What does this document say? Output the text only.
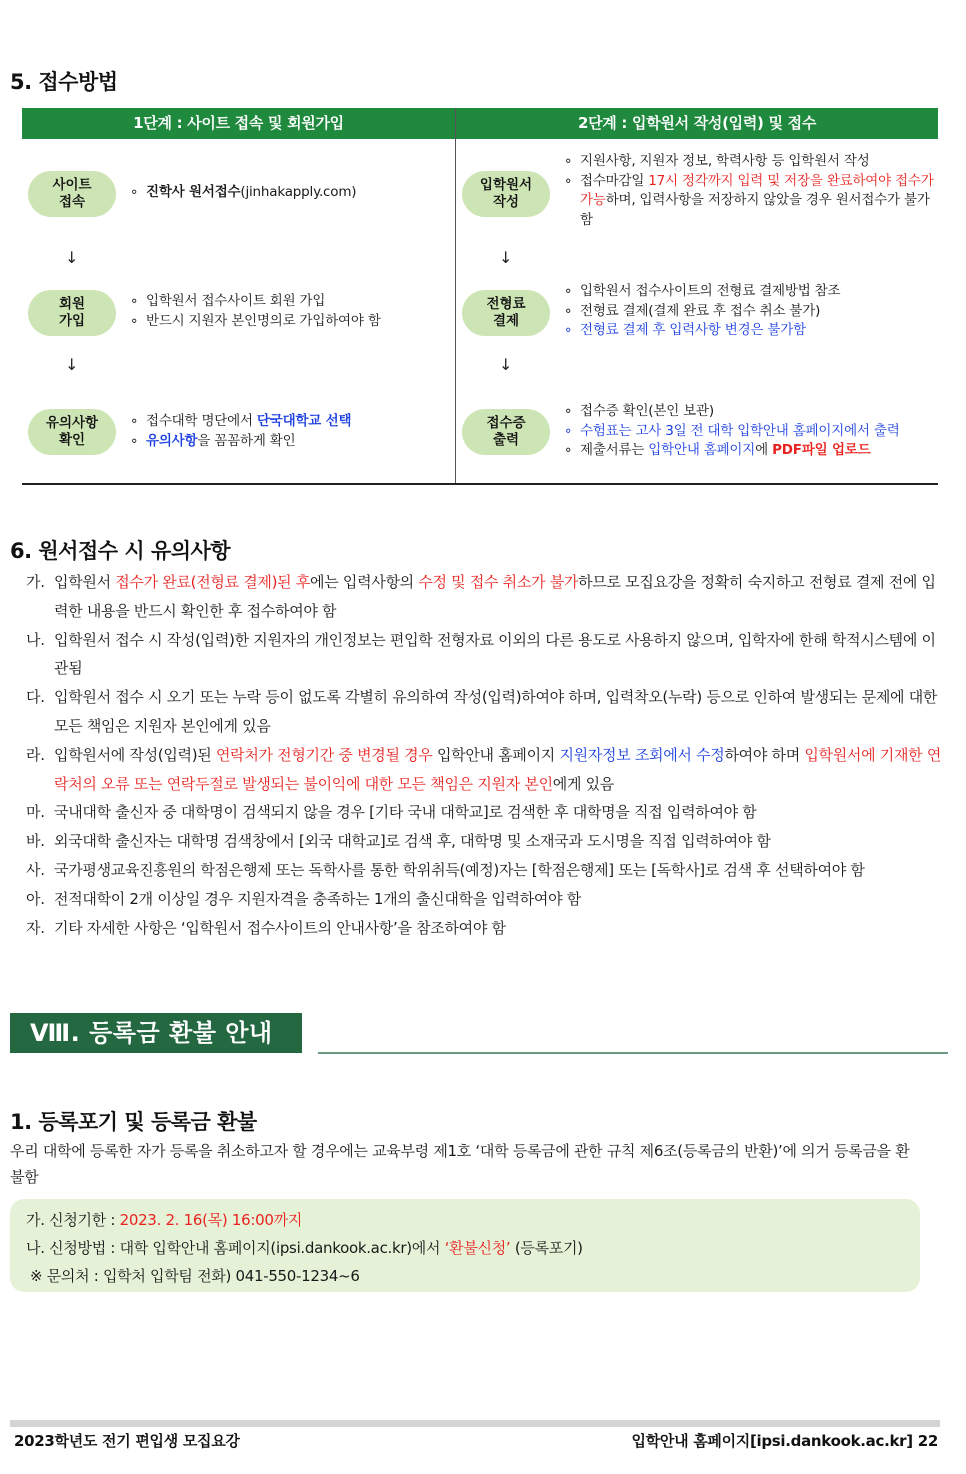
5. 접수방법
1단계 : 사이트 접속 및 회원가입	2단계 : 입학원서 작성(입력) 및 접수
사이트
접속
∘ 진학사 원서접수(jinhakapply.com)
↓
회원
가입
∘ 입학원서 접수사이트 회원 가입
∘ 반드시 지원자 본인명의로 가입하여야 함
↓
유의사항
확인
∘ 접수대학 명단에서 단국대학교 선택
∘ 유의사항을 꼼꼼하게 확인
입학원서
작성
∘ 지원사항, 지원자 정보, 학력사항 등 입학원서 작성
∘ 접수마감일 17시 정각까지 입력 및 저장을 완료하여야 접수가 가능하며, 입력사항을 저장하지 않았을 경우 원서접수가 불가함
↓
전형료
결제
∘ 입학원서 접수사이트의 전형료 결제방법 참조
∘ 전형료 결제(결제 완료 후 접수 취소 불가)
∘ 전형료 결제 후 입력사항 변경은 불가함
↓
접수증
출력
∘ 접수증 확인(본인 보관)
∘ 수험표는 고사 3일 전 대학 입학안내 홈페이지에서 출력
∘ 제출서류는 입학안내 홈페이지에 PDF파일 업로드
6. 원서접수 시 유의사항
가. 입학원서 접수가 완료(전형료 결제)된 후에는 입력사항의 수정 및 접수 취소가 불가하므로 모집요강을 정확히 숙지하고 전형료 결제 전에 입력한 내용을 반드시 확인한 후 접수하여야 함
나. 입학원서 접수 시 작성(입력)한 지원자의 개인정보는 편입학 전형자료 이외의 다른 용도로 사용하지 않으며, 입학자에 한해 학적시스템에 이관됨
다. 입학원서 접수 시 오기 또는 누락 등이 없도록 각별히 유의하여 작성(입력)하여야 하며, 입력착오(누락) 등으로 인하여 발생되는 문제에 대한 모든 책임은 지원자 본인에게 있음
라. 입학원서에 작성(입력)된 연락처가 전형기간 중 변경될 경우 입학안내 홈페이지 지원자정보 조회에서 수정하여야 하며 입학원서에 기재한 연락처의 오류 또는 연락두절로 발생되는 불이익에 대한 모든 책임은 지원자 본인에게 있음
마. 국내대학 출신자 중 대학명이 검색되지 않을 경우 [기타 국내 대학교]로 검색한 후 대학명을 직접 입력하여야 함
바. 외국대학 출신자는 대학명 검색창에서 [외국 대학교]로 검색 후, 대학명 및 소재국과 도시명을 직접 입력하여야 함
사. 국가평생교육진흥원의 학점은행제 또는 독학사를 통한 학위취득(예정)자는 [학점은행제] 또는 [독학사]로 검색 후 선택하여야 함
아. 전적대학이 2개 이상일 경우 지원자격을 충족하는 1개의 출신대학을 입력하여야 함
자. 기타 자세한 사항은 ‘입학원서 접수사이트의 안내사항’을 참조하여야 함
Ⅷ. 등록금 환불 안내
1. 등록포기 및 등록금 환불
우리 대학에 등록한 자가 등록을 취소하고자 할 경우에는 교육부령 제1호 ‘대학 등록금에 관한 규칙 제6조(등록금의 반환)’에 의거 등록금을 환불함
가. 신청기한 : 2023. 2. 16(목) 16:00까지
나. 신청방법 : 대학 입학안내 홈페이지(ipsi.dankook.ac.kr)에서 ‘환불신청’ (등록포기)
※ 문의처 : 입학처 입학팀 전화) 041-550-1234~6
2023학년도 전기 편입생 모집요강	입학안내 홈페이지[ipsi.dankook.ac.kr] 22
